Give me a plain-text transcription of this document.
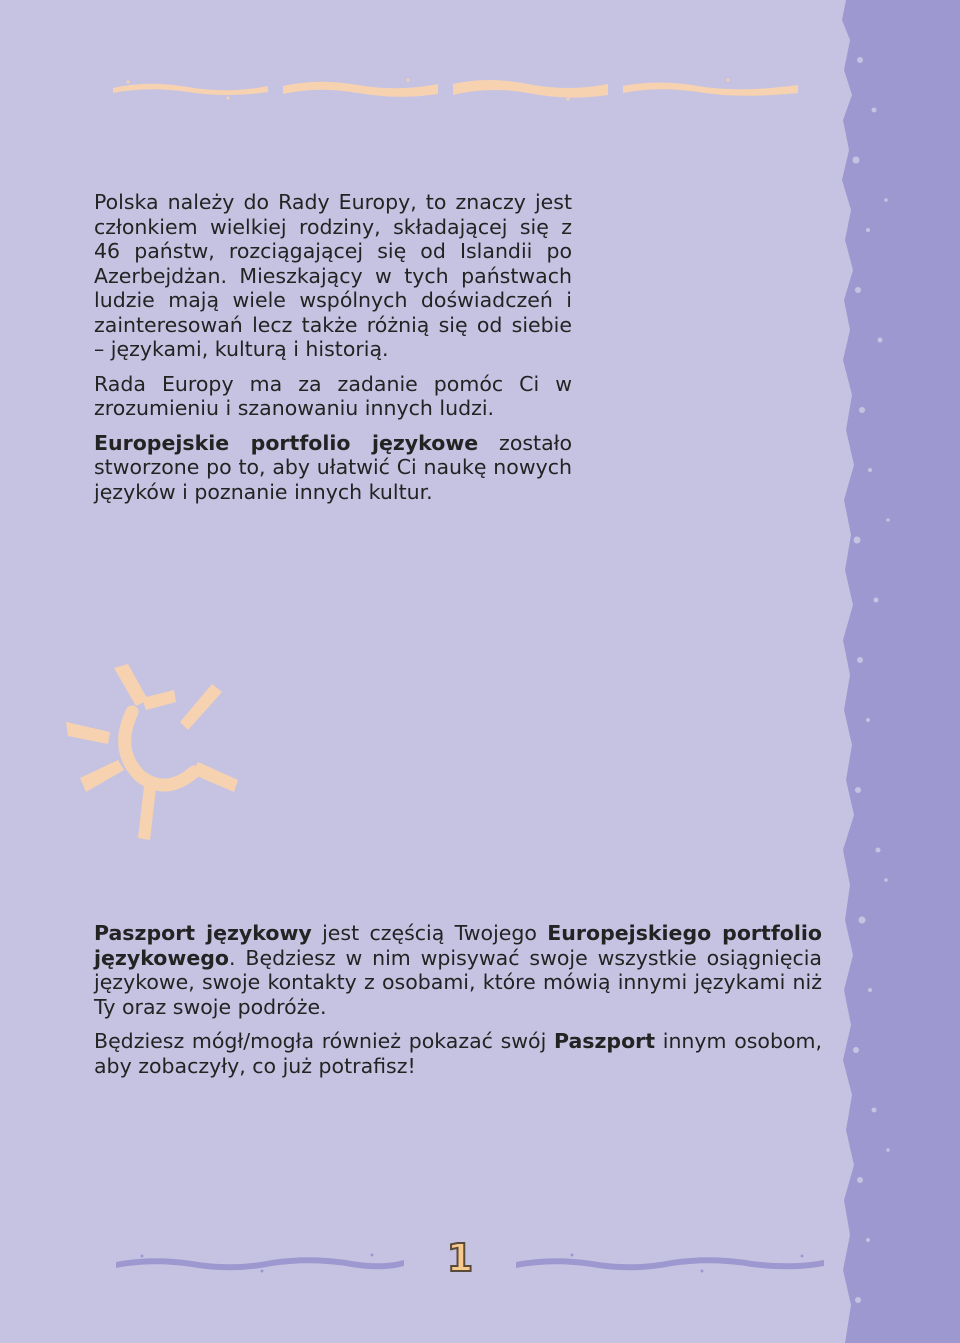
Polska należy do Rady Europy, to znaczy jest członkiem wielkiej rodziny, składającej się z 46 państw, rozciągającej się od Islandii po Azerbejdżan. Mieszkający w tych państwach ludzie mają wiele wspólnych doświadczeń i zainteresowań lecz także różnią się od siebie – językami, kulturą i historią.

Rada Europy ma za zadanie pomóc Ci w zrozumieniu i szanowaniu innych ludzi.

Europejskie portfolio językowe zostało stworzone po to, aby ułatwić Ci naukę nowych języków i poznanie innych kultur.

Paszport językowy jest częścią Twojego Europejskiego portfolio językowego. Będziesz w nim wpisywać swoje wszystkie osiągnięcia językowe, swoje kontakty z osobami, które mówią innymi językami niż Ty oraz swoje podróże.

Będziesz mógł/mogła również pokazać swój Paszport innym osobom, aby zobaczyły, co już potrafisz!

1
